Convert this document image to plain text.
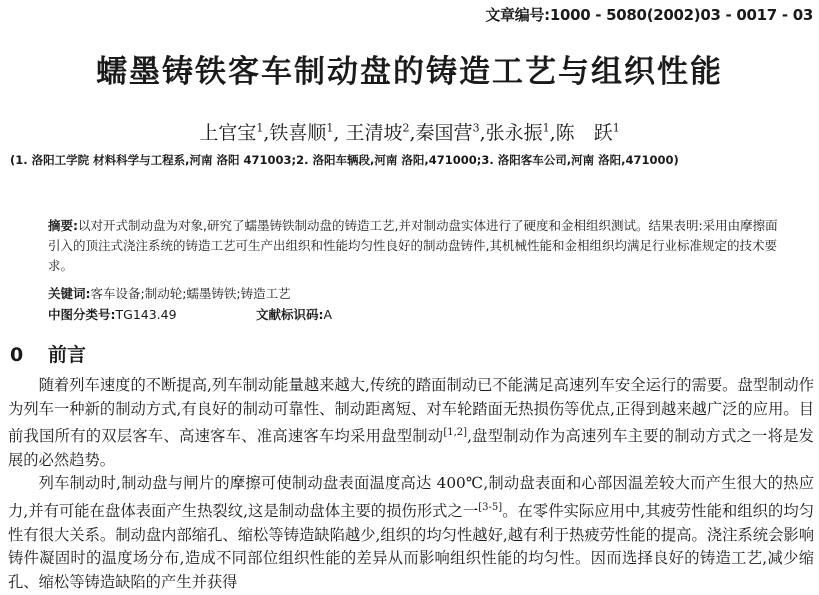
文章编号:1000 - 5080(2002)03 - 0017 - 03
蠕墨铸铁客车制动盘的铸造工艺与组织性能
上官宝$^1$,铁喜顺$^1$, 王清坡$^2$,秦国营$^3$,张永振$^1$,陈　跃$^1$
(1. 洛阳工学院 材料科学与工程系,河南 洛阳 471003;2. 洛阳车辆段,河南 洛阳,471000;3. 洛阳客车公司,河南 洛阳,471000)
摘要:以对开式制动盘为对象,研究了蠕墨铸铁制动盘的铸造工艺,并对制动盘实体进行了硬度和金相组织测试。结果表明:采用由摩擦面引入的顶注式浇注系统的铸造工艺可生产出组织和性能均匀性良好的制动盘铸件,其机械性能和金相组织均满足行业标准规定的技术要求。
关键词:客车设备;制动轮;蠕墨铸铁;铸造工艺
中图分类号:TG143.49	文献标识码:A
0 前言

随着列车速度的不断提高,列车制动能量越来越大,传统的踏面制动已不能满足高速列车安全运行的需要。盘型制动作为列车一种新的制动方式,有良好的制动可靠性、制动距离短、对车轮踏面无热损伤等优点,正得到越来越广泛的应用。目前我国所有的双层客车、高速客车、准高速客车均采用盘型制动[1,2],盘型制动作为高速列车主要的制动方式之一将是发展的必然趋势。

列车制动时,制动盘与闸片的摩擦可使制动盘表面温度高达 400℃,制动盘表面和心部因温差较大而产生很大的热应力,并有可能在盘体表面产生热裂纹,这是制动盘体主要的损伤形式之一[3-5]。在零件实际应用中,其疲劳性能和组织的均匀性有很大关系。制动盘内部缩孔、缩松等铸造缺陷越少,组织的均匀性越好,越有利于热疲劳性能的提高。浇注系统会影响铸件凝固时的温度场分布,造成不同部位组织性能的差异从而影响组织性能的均匀性。因而选择良好的铸造工艺,减少缩孔、缩松等铸造缺陷的产生并获得
